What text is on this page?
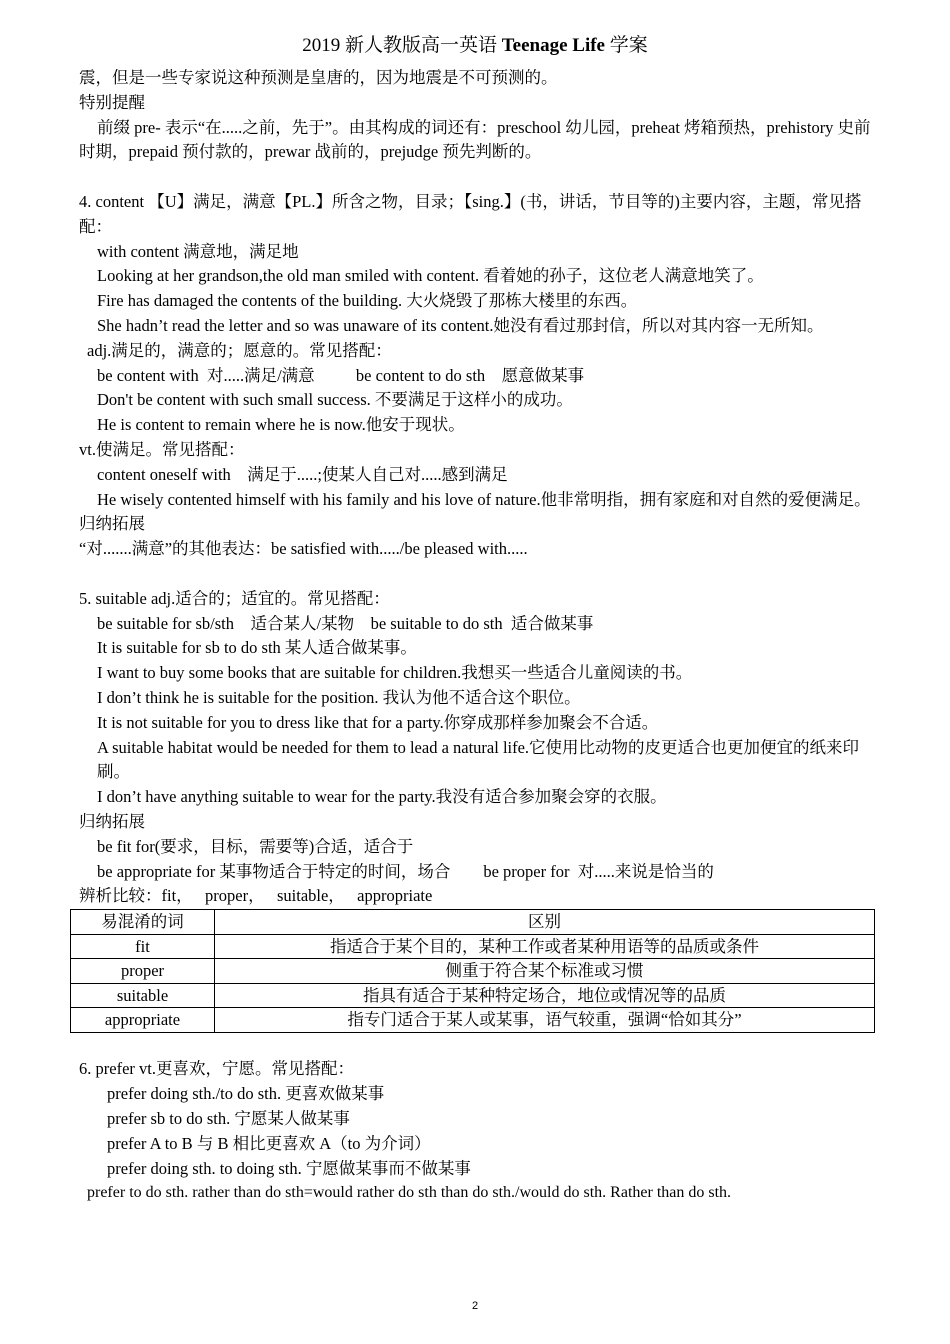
2019 新人教版高一英语 Teenage Life 学案
震，但是一些专家说这种预测是皇唐的，因为地震是不可预测的。
特别提醒
前缀 pre- 表示“在.....之前，先于”。由其构成的词还有：preschool 幼儿园，preheat 烤箱预热，prehistory 史前时期，prepaid 预付款的，prewar 战前的，prejudge 预先判断的。
4. content 【U】满足，满意【PL.】所含之物，目录；【sing.】(书，讲话，节目等的)主要内容，主题，常见搭配：
with content 满意地，满足地
Looking at her grandson,the old man smiled with content. 看着她的孙子，这位老人满意地笑了。
Fire has damaged the contents of the building. 大火烧毁了那栋大楼里的东西。
She hadn’t read the letter and so was unaware of its content.她没有看过那封信，所以对其内容一无所知。
adj.满足的，满意的；愿意的。常见搭配：
be content with  对.....满足/满意          be content to do sth    愿意做某事
Don't be content with such small success. 不要满足于这样小的成功。
He is content to remain where he is now.他安于现状。
vt.使满足。常见搭配：
content oneself with    满足于.....;使某人自己对.....感到满足
He wisely contented himself with his family and his love of nature.他非常明指，拥有家庭和对自然的爱便满足。
归纳拓展
“对.......满意”的其他表达：be satisfied with...../be pleased with.....
5. suitable adj.适合的；适宜的。常见搭配：
be suitable for sb/sth    适合某人/某物    be suitable to do sth  适合做某事
It is suitable for sb to do sth 某人适合做某事。
I want to buy some books that are suitable for children.我想买一些适合儿童阅读的书。
I don’t think he is suitable for the position. 我认为他不适合这个职位。
It is not suitable for you to dress like that for a party.你穿成那样参加聚会不合适。
A suitable habitat would be needed for them to lead a natural life.它使用比动物的皮更适合也更加便宜的纸来印刷。
I don’t have anything suitable to wear for the party.我没有适合参加聚会穿的衣服。
归纳拓展
be fit for(要求，目标，需要等)合适，适合于
be appropriate for 某事物适合于特定的时间，场合        be proper for  对.....来说是恰当的
辨析比较：fit，   proper，   suitable，   appropriate
易混淆的词	区别
fit	指适合于某个目的，某种工作或者某种用语等的品质或条件
proper	侧重于符合某个标准或习惯
suitable	指具有适合于某种特定场合，地位或情况等的品质
appropriate	指专门适合于某人或某事，语气较重，强调“恰如其分”
6. prefer vt.更喜欢，宁愿。常见搭配：
prefer doing sth./to do sth. 更喜欢做某事
prefer sb to do sth. 宁愿某人做某事
prefer A to B 与 B 相比更喜欢 A（to 为介词）
prefer doing sth. to doing sth. 宁愿做某事而不做某事
prefer to do sth. rather than do sth=would rather do sth than do sth./would do sth. Rather than do sth.
2
